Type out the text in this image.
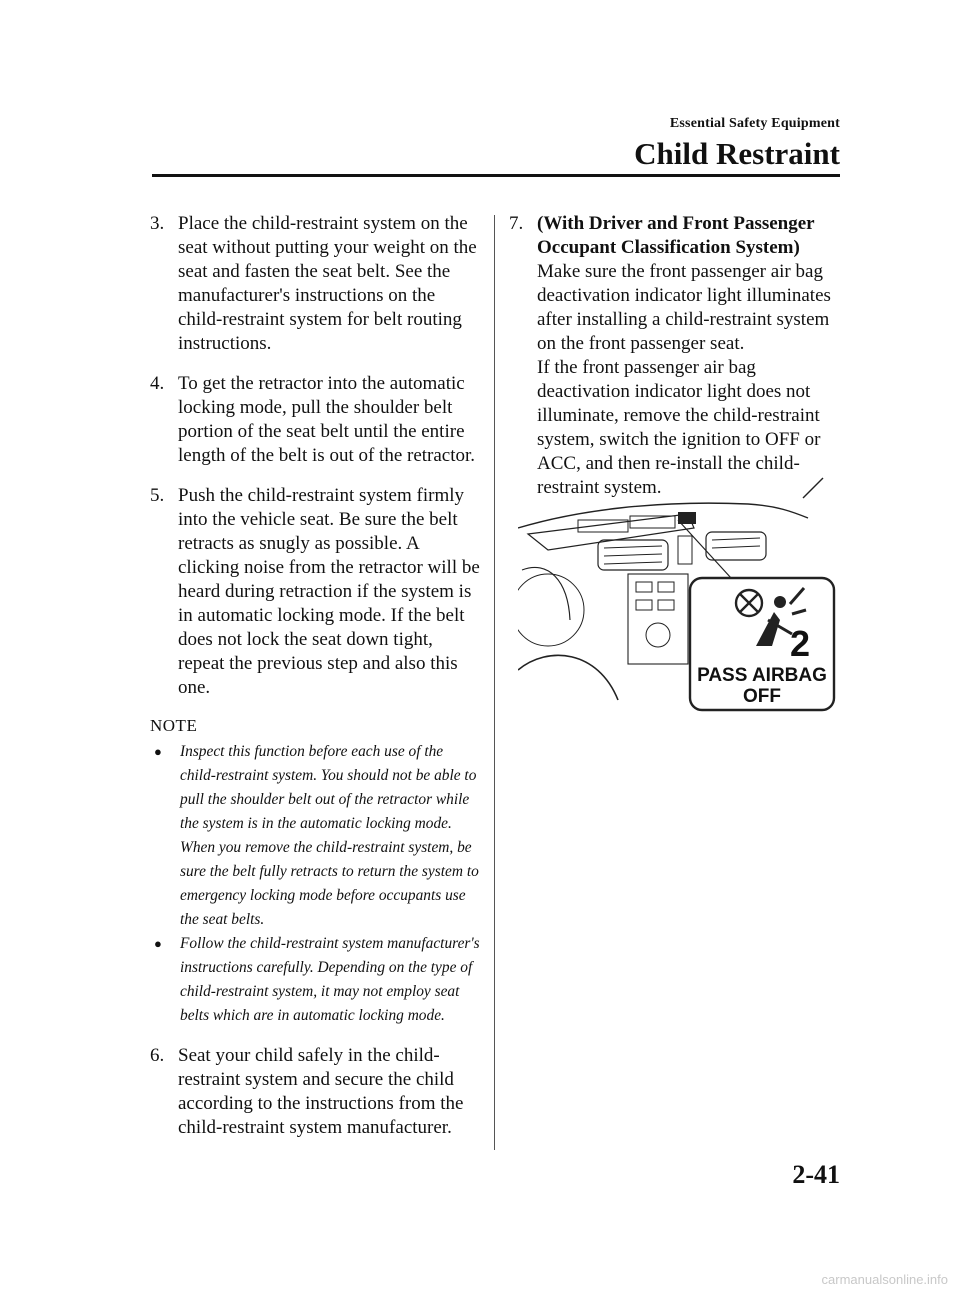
Essential Safety Equipment
Child Restraint
3. Place the child-restraint system on the seat without putting your weight on the seat and fasten the seat belt. See the manufacturer's instructions on the child-restraint system for belt routing instructions.
4. To get the retractor into the automatic locking mode, pull the shoulder belt portion of the seat belt until the entire length of the belt is out of the retractor.
5. Push the child-restraint system firmly into the vehicle seat. Be sure the belt retracts as snugly as possible. A clicking noise from the retractor will be heard during retraction if the system is in automatic locking mode. If the belt does not lock the seat down tight, repeat the previous step and also this one.
NOTE
● Inspect this function before each use of the child-restraint system. You should not be able to pull the shoulder belt out of the retractor while the system is in the automatic locking mode. When you remove the child-restraint system, be sure the belt fully retracts to return the system to emergency locking mode before occupants use the seat belts.
● Follow the child-restraint system manufacturer's instructions carefully. Depending on the type of child-restraint system, it may not employ seat belts which are in automatic locking mode.
6. Seat your child safely in the child-restraint system and secure the child according to the instructions from the child-restraint system manufacturer.
7. (With Driver and Front Passenger Occupant Classification System)
Make sure the front passenger air bag deactivation indicator light illuminates after installing a child-restraint system on the front passenger seat.
If the front passenger air bag deactivation indicator light does not illuminate, remove the child-restraint system, switch the ignition to OFF or ACC, and then re-install the child-restraint system.
2
PASS AIRBAG
OFF
2-41
carmanualsonline.info
